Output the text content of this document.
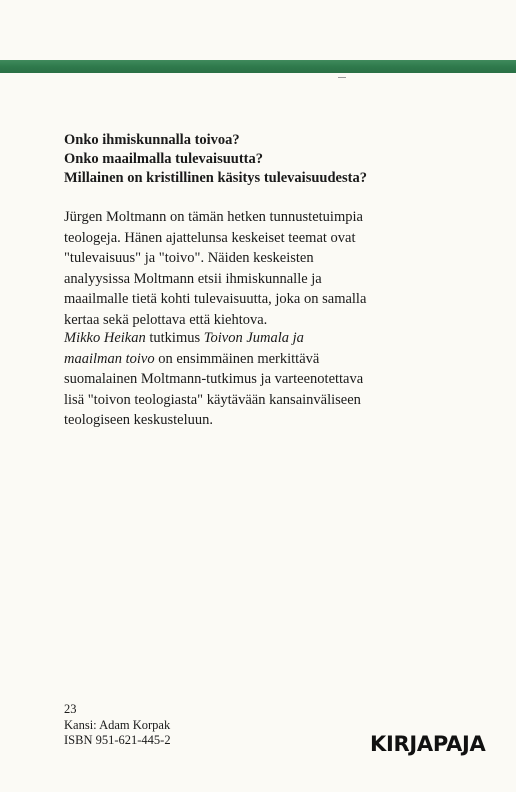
Onko ihmiskunnalla toivoa?
Onko maailmalla tulevaisuutta?
Millainen on kristillinen käsitys tulevaisuudesta?
Jürgen Moltmann on tämän hetken tunnustetuimpia
teologeja. Hänen ajattelunsa keskeiset teemat ovat
"tulevaisuus" ja "toivo". Näiden keskeisten
analyysissa Moltmann etsii ihmiskunnalle ja
maailmalle tietä kohti tulevaisuutta, joka on samalla
kertaa sekä pelottava että kiehtova.
Mikko Heikan tutkimus Toivon Jumala ja
maailman toivo on ensimmäinen merkittävä
suomalainen Moltmann-tutkimus ja varteenotettava
lisä "toivon teologiasta" käytävään kansainväliseen
teologiseen keskusteluun.
23
Kansi: Adam Korpak
ISBN 951-621-445-2	KIRJAPAJA
